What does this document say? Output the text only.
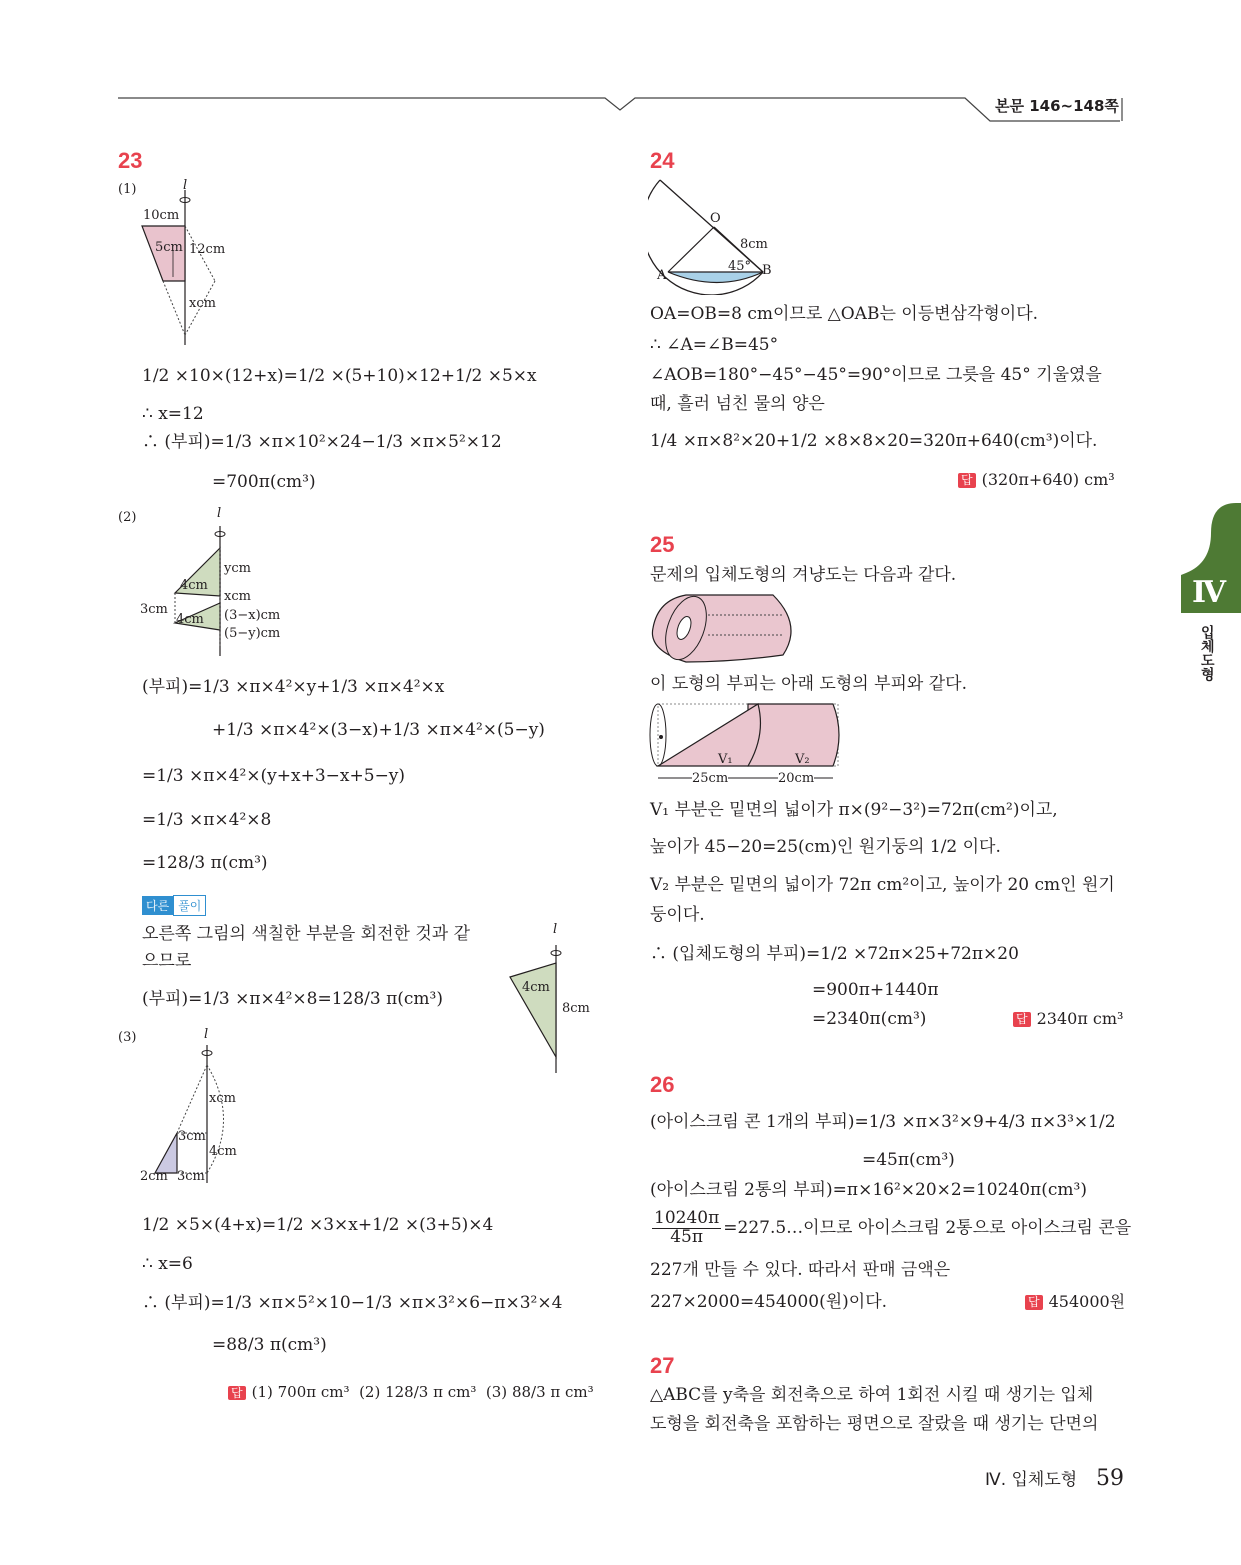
본문 146~148쪽
Ⅳ
입체도형
23
(1)	l
10cm
5cm 12cm
xcm
1/2 ×10×(12+x)=1/2 ×(5+10)×12+1/2 ×5×x
∴ x=12
∴ (부피)=1/3 ×π×10²×24−1/3 ×π×5²×12
=700π(cm³)
(2)	l
ycm
4cm
xcm
3cm	(3−x)cm
4cm
(5−y)cm
(부피)=1/3 ×π×4²×y+1/3 ×π×4²×x
+1/3 ×π×4²×(3−x)+1/3 ×π×4²×(5−y)
=1/3 ×π×4²×(y+x+3−x+5−y)
=1/3 ×π×4²×8
=128/3 π(cm³)
다른 풀이
오른쪽 그림의 색칠한 부분을 회전한 것과 같
으므로
(부피)=1/3 ×π×4²×8=128/3 π(cm³)
l
4cm
8cm
(3)	l
xcm
3cm
4cm
2cm 3cm
1/2 ×5×(4+x)=1/2 ×3×x+1/2 ×(3+5)×4
∴ x=6
∴ (부피)=1/3 ×π×5²×10−1/3 ×π×3²×6−π×3²×4
=88/3 π(cm³)
답 (1) 700π cm³ (2) 128/3 π cm³ (3) 88/3 π cm³
24
O
8cm
45°
A	B
OA=OB=8 cm이므로 △OAB는 이등변삼각형이다.
∴ ∠A=∠B=45°
∠AOB=180°−45°−45°=90°이므로 그릇을 45° 기울였을
때, 흘러 넘친 물의 양은
1/4 ×π×8²×20+1/2 ×8×8×20=320π+640(cm³)이다.
답 (320π+640) cm³
25
문제의 입체도형의 겨냥도는 다음과 같다.
이 도형의 부피는 아래 도형의 부피와 같다.
V₁	V₂
25cm	20cm
V₁ 부분은 밑면의 넓이가 π×(9²−3²)=72π(cm²)이고,
높이가 45−20=25(cm)인 원기둥의 1/2 이다.
V₂ 부분은 밑면의 넓이가 72π cm²이고, 높이가 20 cm인 원기
둥이다.
∴ (입체도형의 부피)=1/2 ×72π×25+72π×20
=900π+1440π
=2340π(cm³)	답 2340π cm³
26
(아이스크림 콘 1개의 부피)=1/3 ×π×3²×9+4/3 π×3³×1/2
=45π(cm³)
(아이스크림 2통의 부피)=π×16²×20×2=10240π(cm³)
$\frac{10240\pi}{45\pi}$ =227.5…이므로 아이스크림 2통으로 아이스크림 콘을
227개 만들 수 있다. 따라서 판매 금액은
227×2000=454000(원)이다.	답 454000원
27
△ABC를 y축을 회전축으로 하여 1회전 시킬 때 생기는 입체
도형을 회전축을 포함하는 평면으로 잘랐을 때 생기는 단면의
Ⅳ. 입체도형 59
